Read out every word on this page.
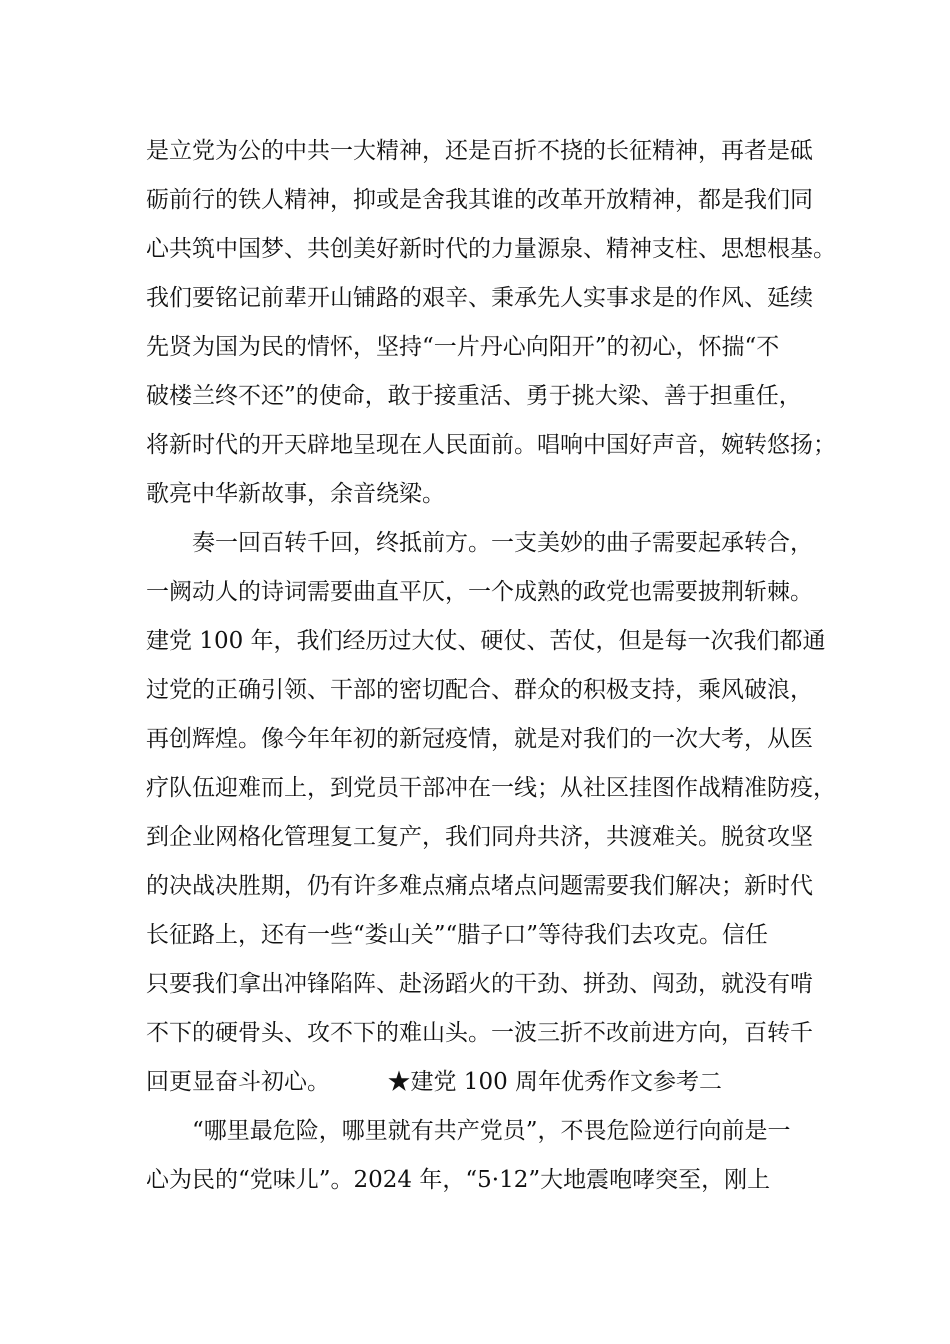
是立党为公的中共一大精神，还是百折不挠的长征精神，再者是砥
砺前行的铁人精神，抑或是舍我其谁的改革开放精神，都是我们同
心共筑中国梦、共创美好新时代的力量源泉、精神支柱、思想根基。
我们要铭记前辈开山铺路的艰辛、秉承先人实事求是的作风、延续
先贤为国为民的情怀，坚持“一片丹心向阳开”的初心，怀揣“不
破楼兰终不还”的使命，敢于接重活、勇于挑大梁、善于担重任，
将新时代的开天辟地呈现在人民面前。唱响中国好声音，婉转悠扬；
歌亮中华新故事，余音绕梁。
　　奏一回百转千回，终抵前方。一支美妙的曲子需要起承转合，
一阙动人的诗词需要曲直平仄，一个成熟的政党也需要披荆斩棘。
建党 100 年，我们经历过大仗、硬仗、苦仗，但是每一次我们都通
过党的正确引领、干部的密切配合、群众的积极支持，乘风破浪，
再创辉煌。像今年年初的新冠疫情，就是对我们的一次大考，从医
疗队伍迎难而上，到党员干部冲在一线；从社区挂图作战精准防疫，
到企业网格化管理复工复产，我们同舟共济，共渡难关。脱贫攻坚
的决战决胜期，仍有许多难点痛点堵点问题需要我们解决；新时代
长征路上，还有一些“娄山关”“腊子口”等待我们去攻克。信任
只要我们拿出冲锋陷阵、赴汤蹈火的干劲、拼劲、闯劲，就没有啃
不下的硬骨头、攻不下的难山头。一波三折不改前进方向，百转千
回更显奋斗初心。　　　★建党 100 周年优秀作文参考二
　　“哪里最危险，哪里就有共产党员”，不畏危险逆行向前是一
心为民的“党味儿”。2024 年，“5·12”大地震咆哮突至，刚上
